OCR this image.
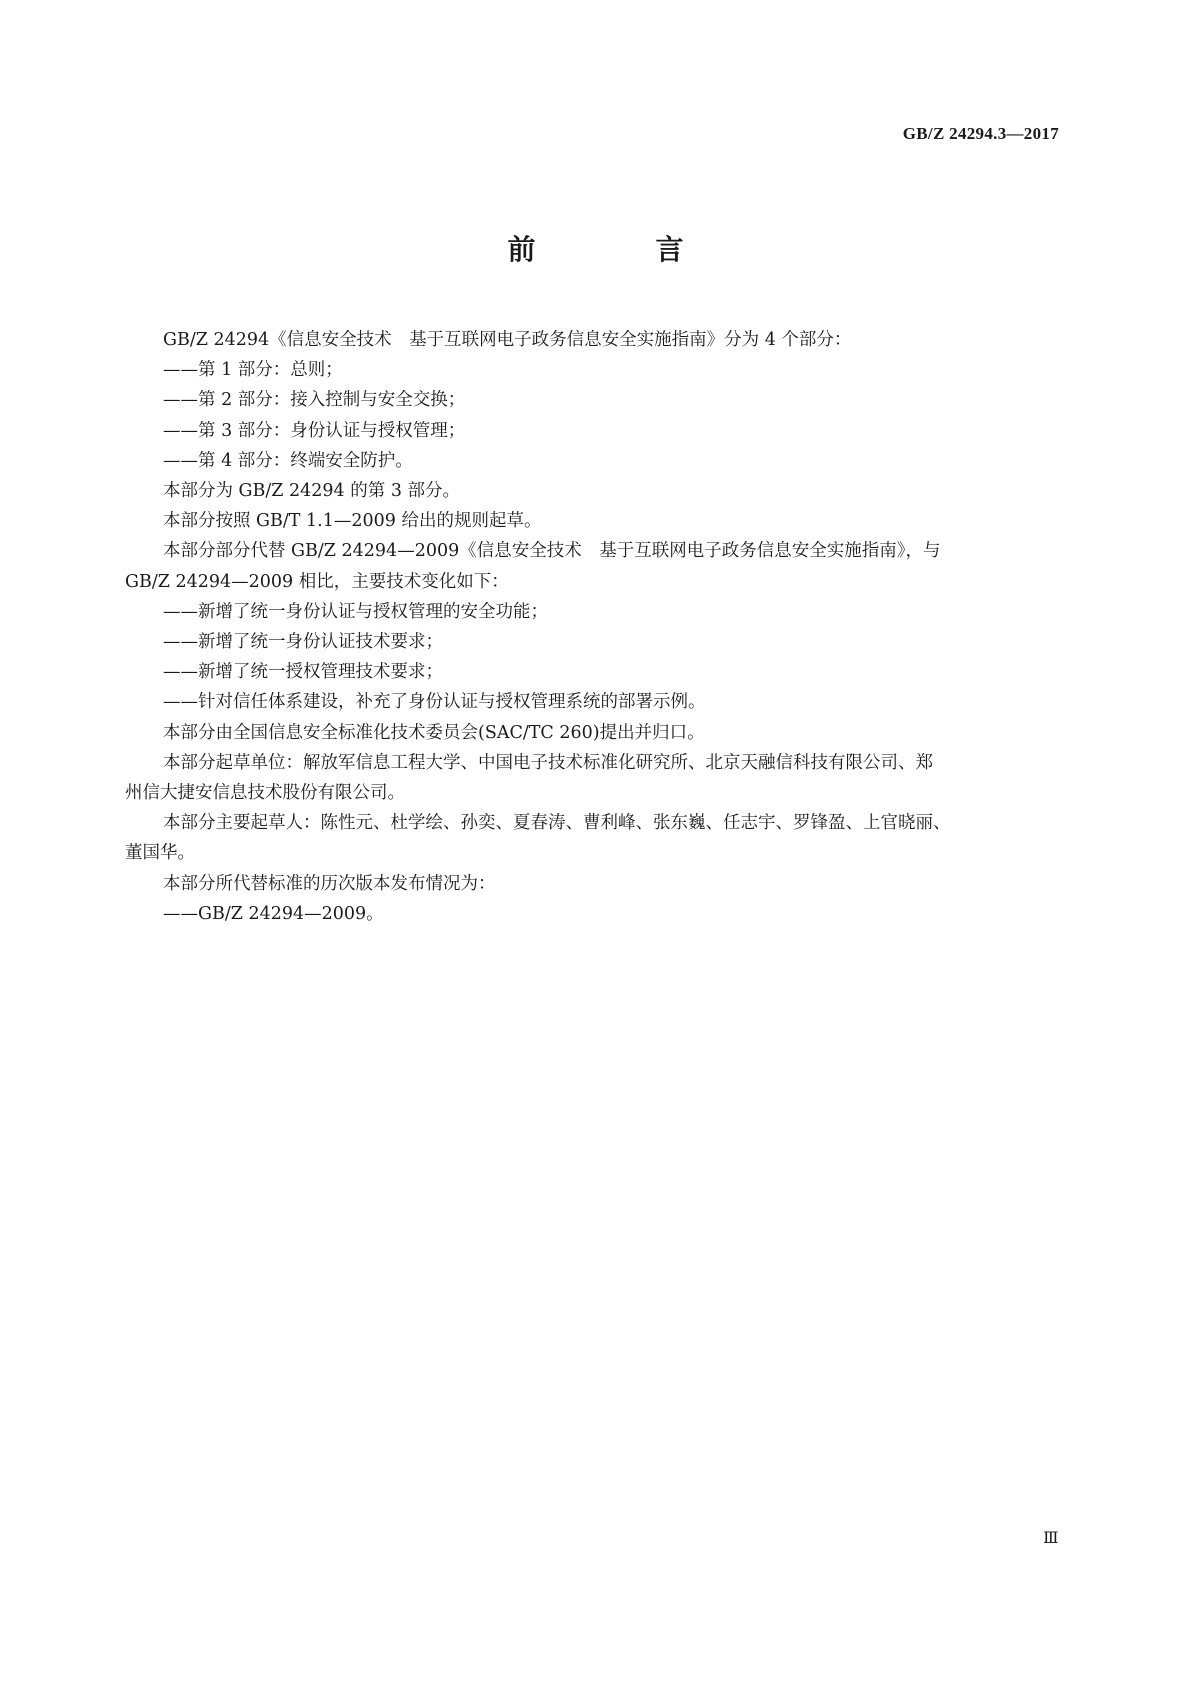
GB/Z 24294.3—2017
前　言

GB/Z 24294《信息安全技术　基于互联网电子政务信息安全实施指南》分为 4 个部分：

——第 1 部分：总则；

——第 2 部分：接入控制与安全交换；

——第 3 部分：身份认证与授权管理；

——第 4 部分：终端安全防护。

本部分为 GB/Z 24294 的第 3 部分。

本部分按照 GB/T 1.1—2009 给出的规则起草。

本部分部分代替 GB/Z 24294—2009《信息安全技术　基于互联网电子政务信息安全实施指南》，与
GB/Z 24294—2009 相比，主要技术变化如下：

——新增了统一身份认证与授权管理的安全功能；

——新增了统一身份认证技术要求；

——新增了统一授权管理技术要求；

——针对信任体系建设，补充了身份认证与授权管理系统的部署示例。

本部分由全国信息安全标准化技术委员会(SAC/TC 260)提出并归口。

本部分起草单位：解放军信息工程大学、中国电子技术标准化研究所、北京天融信科技有限公司、郑
州信大捷安信息技术股份有限公司。

本部分主要起草人：陈性元、杜学绘、孙奕、夏春涛、曹利峰、张东巍、任志宇、罗锋盈、上官晓丽、
董国华。

本部分所代替标准的历次版本发布情况为：

——GB/Z 24294—2009。

Ⅲ
